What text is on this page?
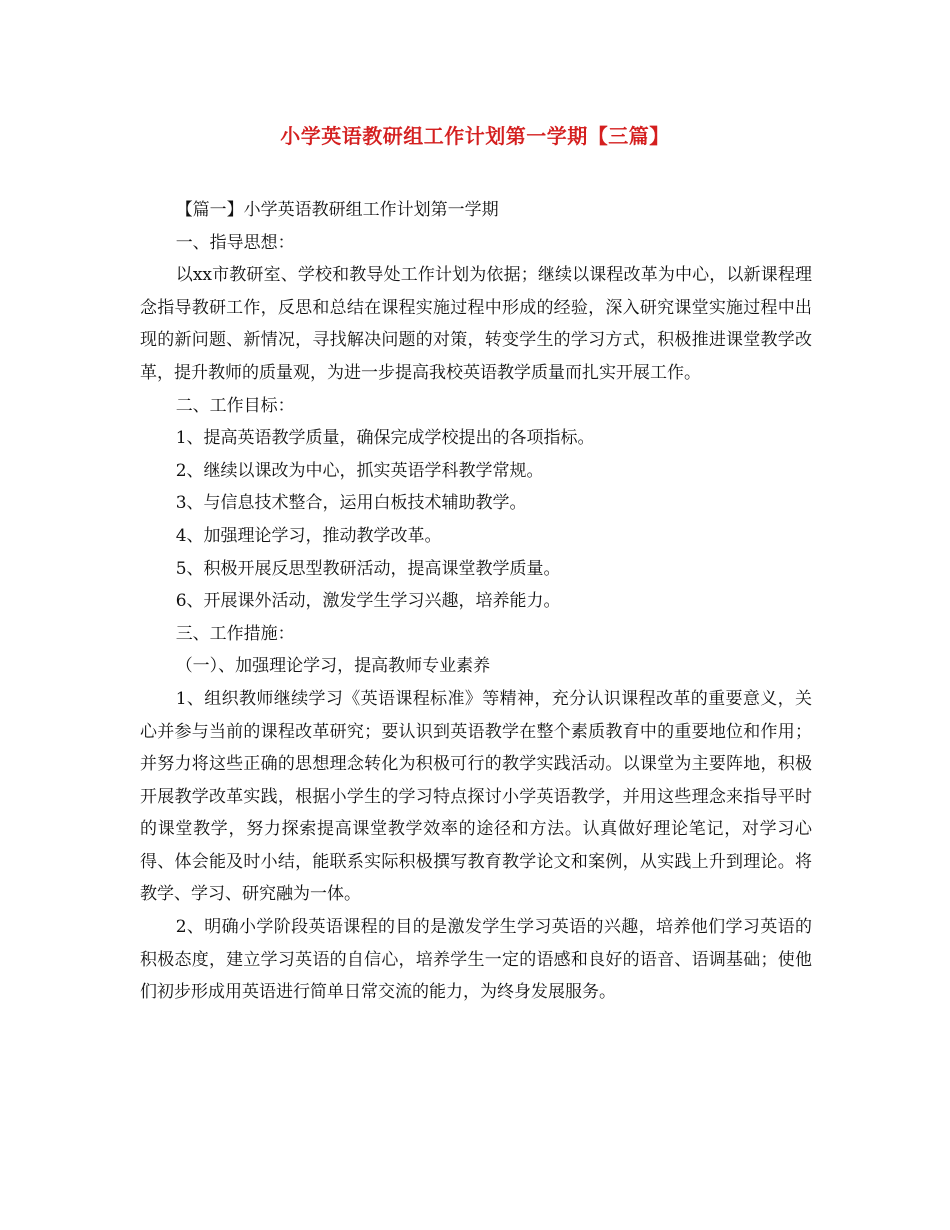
小学英语教研组工作计划第一学期【三篇】

【篇一】小学英语教研组工作计划第一学期

一、指导思想：

以xx市教研室、学校和教导处工作计划为依据；继续以课程改革为中心，以新课程理念指导教研工作，反思和总结在课程实施过程中形成的经验，深入研究课堂实施过程中出现的新问题、新情况，寻找解决问题的对策，转变学生的学习方式，积极推进课堂教学改革，提升教师的质量观，为进一步提高我校英语教学质量而扎实开展工作。

二、工作目标：

1、提高英语教学质量，确保完成学校提出的各项指标。

2、继续以课改为中心，抓实英语学科教学常规。

3、与信息技术整合，运用白板技术辅助教学。

4、加强理论学习，推动教学改革。

5、积极开展反思型教研活动，提高课堂教学质量。

6、开展课外活动，激发学生学习兴趣，培养能力。

三、工作措施：

（一）、加强理论学习，提高教师专业素养

1、组织教师继续学习《英语课程标准》等精神，充分认识课程改革的重要意义，关心并参与当前的课程改革研究；要认识到英语教学在整个素质教育中的重要地位和作用；并努力将这些正确的思想理念转化为积极可行的教学实践活动。以课堂为主要阵地，积极开展教学改革实践，根据小学生的学习特点探讨小学英语教学，并用这些理念来指导平时的课堂教学，努力探索提高课堂教学效率的途径和方法。认真做好理论笔记，对学习心得、体会能及时小结，能联系实际积极撰写教育教学论文和案例，从实践上升到理论。将教学、学习、研究融为一体。

2、明确小学阶段英语课程的目的是激发学生学习英语的兴趣，培养他们学习英语的积极态度，建立学习英语的自信心，培养学生一定的语感和良好的语音、语调基础；使他们初步形成用英语进行简单日常交流的能力，为终身发展服务。
